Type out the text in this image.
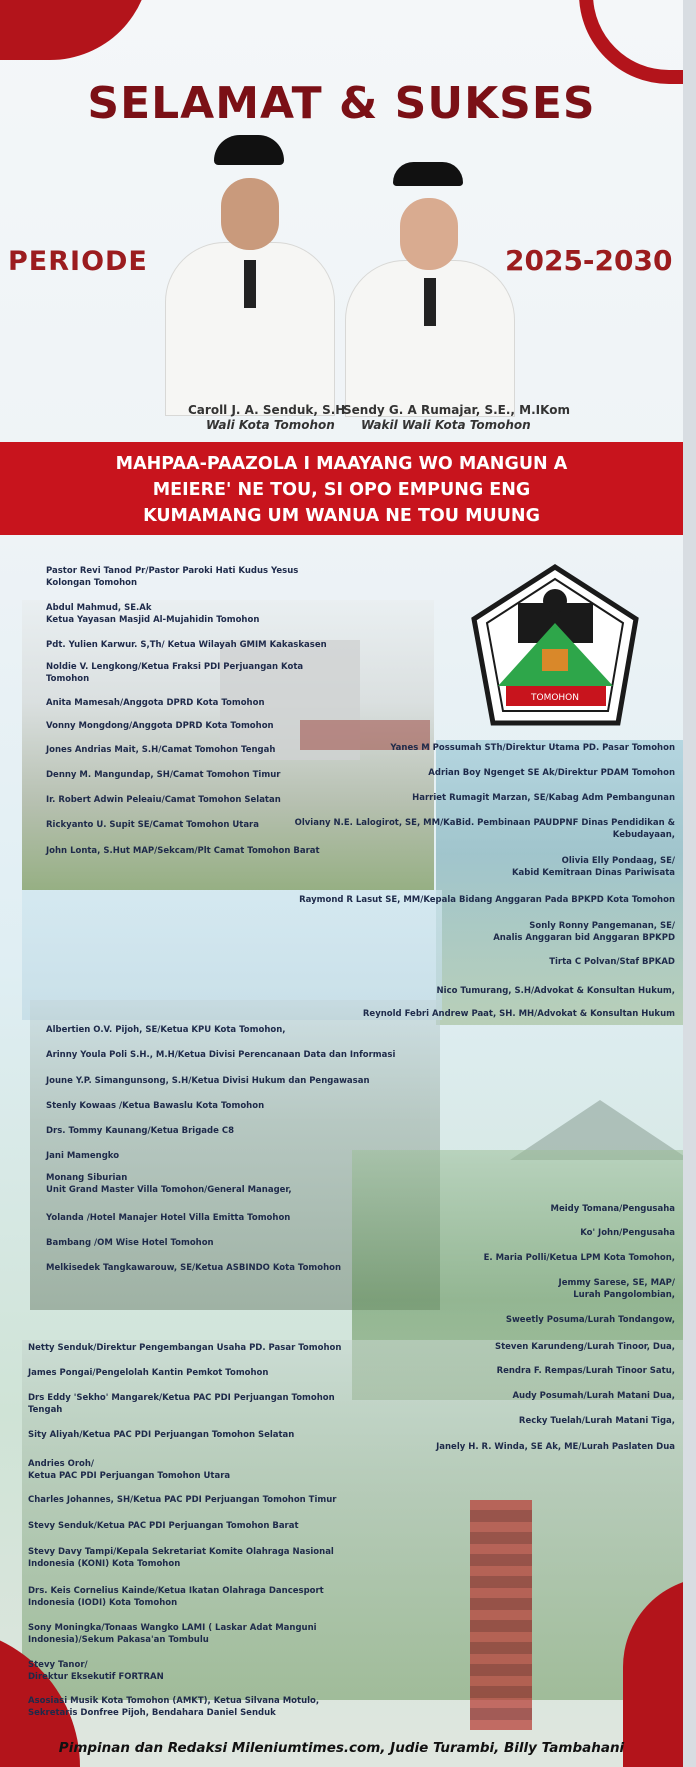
SELAMAT & SUKSES
PERIODE	2025-2030
Caroll J. A. Senduk, S.H
Wali Kota Tomohon
Sendy G. A Rumajar, S.E., M.IKom
Wakil Wali Kota Tomohon
MAHPAA-PAAZOLA I MAAYANG WO MANGUN A
MEIERE' NE TOU, SI OPO EMPUNG ENG
KUMAMANG UM WANUA NE TOU MUUNG
TOMOHON
Pastor Revi Tanod Pr/Pastor Paroki Hati Kudus Yesus
Kolongan Tomohon
Abdul Mahmud, SE.Ak
Ketua Yayasan Masjid Al-Mujahidin Tomohon
Pdt. Yulien Karwur. S,Th/ Ketua Wilayah GMIM Kakaskasen
Noldie V. Lengkong/Ketua Fraksi PDI Perjuangan Kota
Tomohon
Anita Mamesah/Anggota DPRD Kota Tomohon
Vonny Mongdong/Anggota DPRD Kota Tomohon
Jones Andrias Mait, S.H/Camat Tomohon Tengah
Denny M. Mangundap, SH/Camat Tomohon Timur
Ir. Robert Adwin Peleaiu/Camat Tomohon Selatan
Rickyanto U. Supit SE/Camat Tomohon Utara
John Lonta, S.Hut MAP/Sekcam/Plt Camat Tomohon Barat
Yanes M Possumah STh/Direktur Utama PD. Pasar Tomohon
Adrian Boy Ngenget SE Ak/Direktur PDAM Tomohon
Harriet Rumagit Marzan, SE/Kabag Adm Pembangunan
Olviany N.E. Lalogirot, SE, MM/KaBid. Pembinaan PAUDPNF Dinas Pendidikan &
Kebudayaan,
Olivia Elly Pondaag, SE/
Kabid Kemitraan Dinas Pariwisata
Raymond R Lasut SE, MM/Kepala Bidang Anggaran Pada BPKPD Kota Tomohon
Sonly Ronny Pangemanan, SE/
Analis Anggaran bid Anggaran BPKPD
Tirta C Polvan/Staf BPKAD
Nico Tumurang, S.H/Advokat & Konsultan Hukum,
Reynold Febri Andrew Paat, SH. MH/Advokat & Konsultan Hukum
Albertien O.V. Pijoh, SE/Ketua KPU Kota Tomohon,
Arinny Youla Poli S.H., M.H/Ketua Divisi Perencanaan Data dan Informasi
Joune Y.P. Simangunsong, S.H/Ketua Divisi Hukum dan Pengawasan
Stenly Kowaas /Ketua Bawaslu Kota Tomohon
Drs. Tommy Kaunang/Ketua Brigade C8
Jani Mamengko
Monang Siburian
Unit Grand Master Villa Tomohon/General Manager,
Yolanda /Hotel Manajer Hotel Villa Emitta Tomohon
Bambang /OM Wise Hotel Tomohon
Melkisedek Tangkawarouw, SE/Ketua ASBINDO Kota Tomohon
Meidy Tomana/Pengusaha
Ko' John/Pengusaha
E. Maria Polli/Ketua LPM Kota Tomohon,
Jemmy Sarese, SE, MAP/
Lurah Pangolombian,
Sweetly Posuma/Lurah Tondangow,
Steven Karundeng/Lurah Tinoor, Dua,
Rendra F. Rempas/Lurah Tinoor Satu,
Audy Posumah/Lurah Matani Dua,
Recky Tuelah/Lurah Matani Tiga,
Janely H. R. Winda, SE Ak, ME/Lurah Paslaten Dua
Netty Senduk/Direktur Pengembangan Usaha PD. Pasar Tomohon
James Pongai/Pengelolah Kantin Pemkot Tomohon
Drs Eddy 'Sekho' Mangarek/Ketua PAC PDI Perjuangan Tomohon
Tengah
Sity Aliyah/Ketua PAC PDI Perjuangan Tomohon Selatan
Andries Oroh/
Ketua PAC PDI Perjuangan Tomohon Utara
Charles Johannes, SH/Ketua PAC PDI Perjuangan Tomohon Timur
Stevy Senduk/Ketua PAC PDI Perjuangan Tomohon Barat
Stevy Davy Tampi/Kepala Sekretariat Komite Olahraga Nasional
Indonesia (KONI) Kota Tomohon
Drs. Keis Cornelius Kainde/Ketua Ikatan Olahraga Dancesport
Indonesia (IODI) Kota Tomohon
Sony Moningka/Tonaas Wangko LAMI ( Laskar Adat Manguni
Indonesia)/Sekum Pakasa'an Tombulu
Stevy Tanor/
Direktur Eksekutif FORTRAN
Asosiasi Musik Kota Tomohon (AMKT), Ketua Silvana Motulo,
Sekretaris Donfree Pijoh, Bendahara Daniel Senduk
Pimpinan dan Redaksi Mileniumtimes.com, Judie Turambi, Billy Tambahani
